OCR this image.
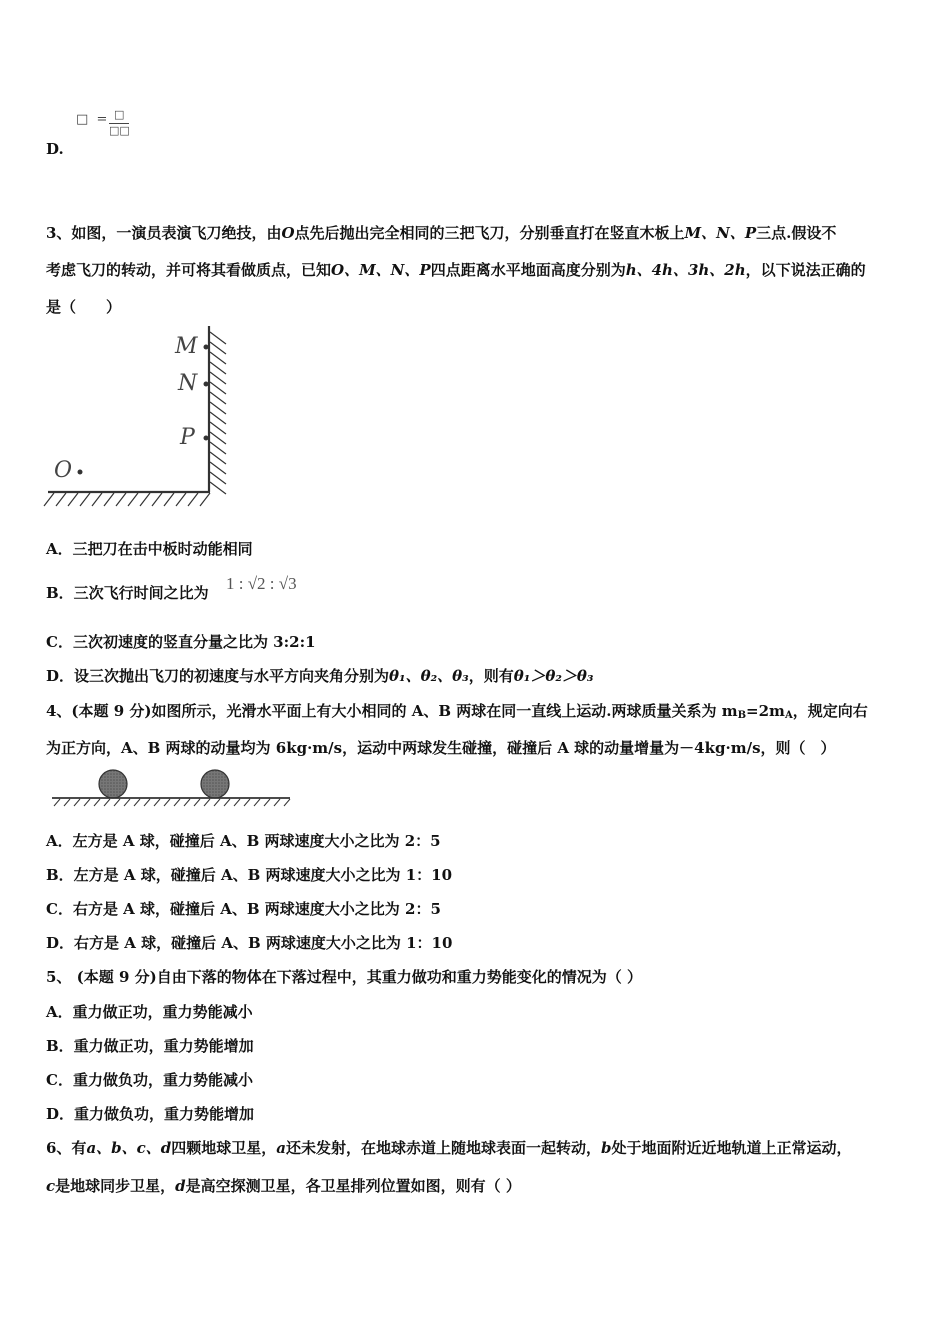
□ = □
□□
D.
3、如图，一演员表演飞刀绝技，由O点先后抛出完全相同的三把飞刀，分别垂直打在竖直木板上M、N、P三点.假设不
考虑飞刀的转动，并可将其看做质点，已知O、M、N、P四点距离水平地面高度分别为h、4h、3h、2h，以下说法正确的
是（　　）
M
N
P
O
A．三把刀在击中板时动能相同
B．三次飞行时间之比为 1 : √2 : √3
C．三次初速度的竖直分量之比为 3:2:1
D．设三次抛出飞刀的初速度与水平方向夹角分别为θ₁、θ₂、θ₃，则有θ₁＞θ₂＞θ₃
4、(本题 9 分)如图所示，光滑水平面上有大小相同的 A、B 两球在同一直线上运动.两球质量关系为 $m_B=2m_A$，规定向右
为正方向，A、B 两球的动量均为 6kg·m/s，运动中两球发生碰撞，碰撞后 A 球的动量增量为－4kg·m/s，则（　）
A．左方是 A 球，碰撞后 A、B 两球速度大小之比为 2：5
B．左方是 A 球，碰撞后 A、B 两球速度大小之比为 1：10
C．右方是 A 球，碰撞后 A、B 两球速度大小之比为 2：5
D．右方是 A 球，碰撞后 A、B 两球速度大小之比为 1：10
5、 (本题 9 分)自由下落的物体在下落过程中，其重力做功和重力势能变化的情况为（ ）
A．重力做正功，重力势能减小
B．重力做正功，重力势能增加
C．重力做负功，重力势能减小
D．重力做负功，重力势能增加
6、有a、b、c、d四颗地球卫星，a还未发射，在地球赤道上随地球表面一起转动，b处于地面附近近地轨道上正常运动，
c是地球同步卫星，d是高空探测卫星，各卫星排列位置如图，则有（ ）
